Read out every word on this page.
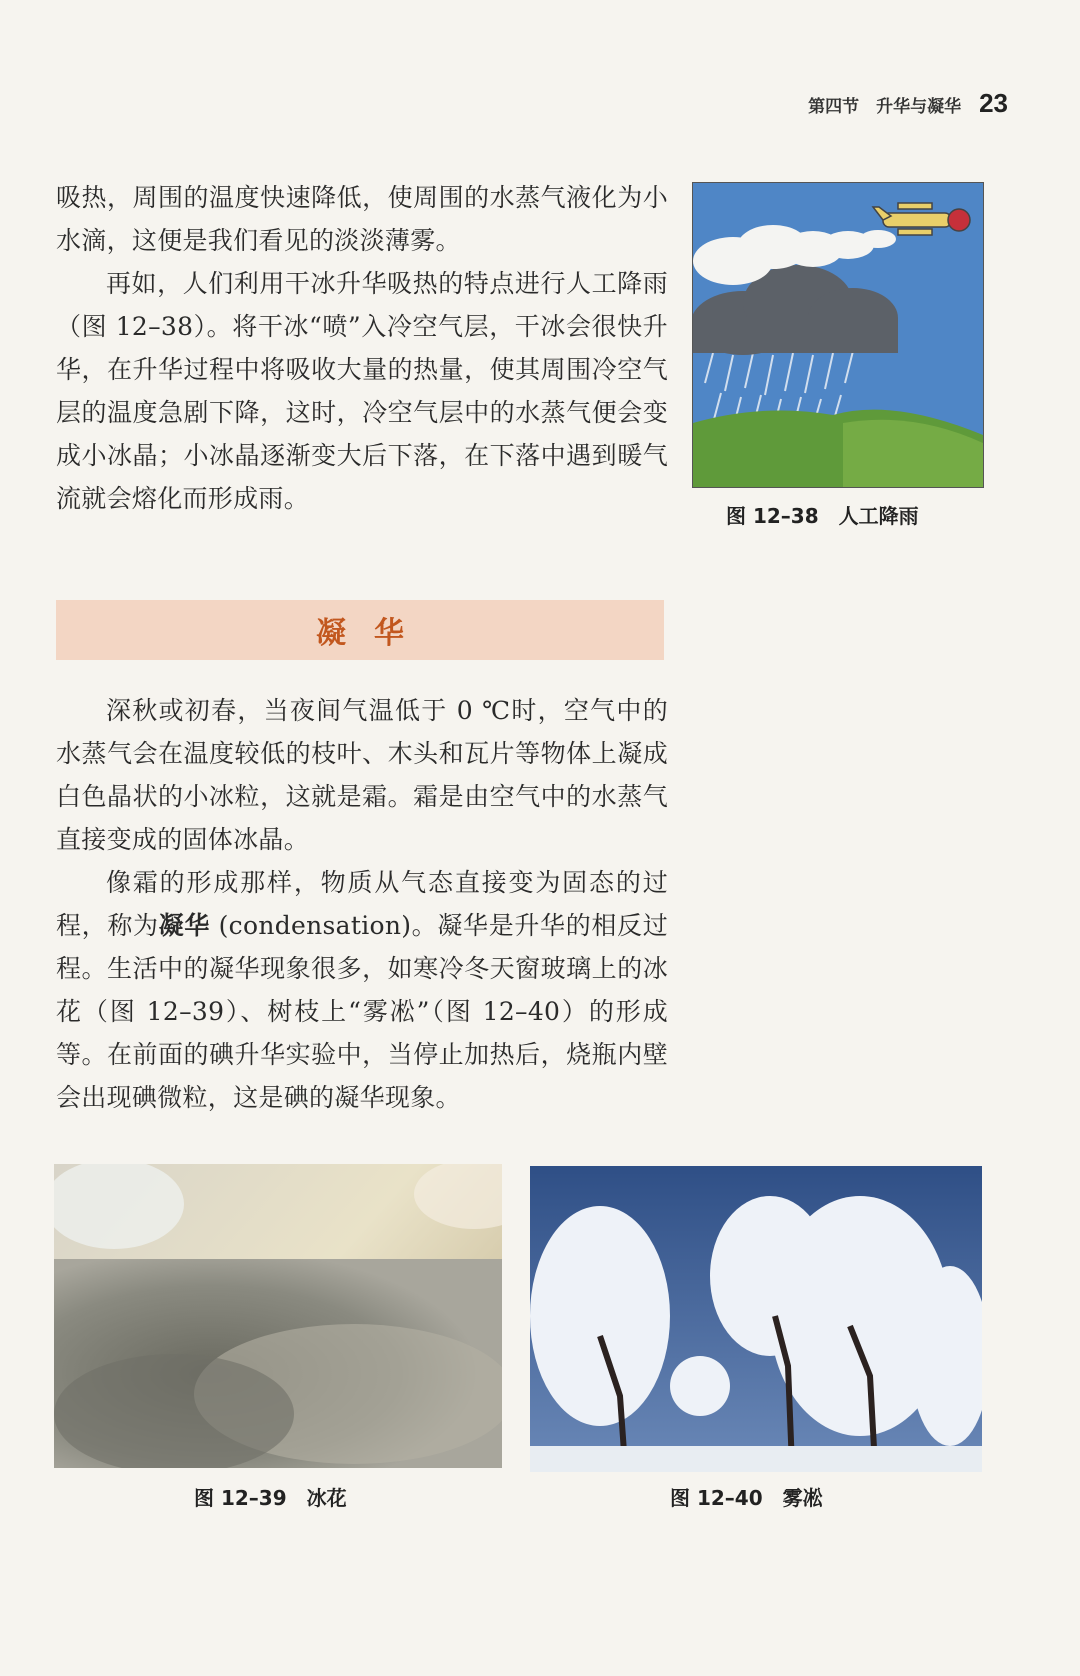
第四节　升华与凝华 23

吸热，周围的温度快速降低，使周围的水蒸气液化为小水滴，这便是我们看见的淡淡薄雾。

再如，人们利用干冰升华吸热的特点进行人工降雨（图 12–38）。将干冰“喷”入冷空气层，干冰会很快升华，在升华过程中将吸收大量的热量，使其周围冷空气层的温度急剧下降，这时，冷空气层中的水蒸气便会变成小冰晶；小冰晶逐渐变大后下落，在下落中遇到暖气流就会熔化而形成雨。

图 12–38　人工降雨
凝华

深秋或初春，当夜间气温低于 0 ℃时，空气中的水蒸气会在温度较低的枝叶、木头和瓦片等物体上凝成白色晶状的小冰粒，这就是霜。霜是由空气中的水蒸气直接变成的固体冰晶。

像霜的形成那样，物质从气态直接变为固态的过程，称为凝华 (condensation)。凝华是升华的相反过程。生活中的凝华现象很多，如寒冷冬天窗玻璃上的冰花（图 12–39）、树枝上“雾凇”（图 12–40）的形成等。在前面的碘升华实验中，当停止加热后，烧瓶内壁会出现碘微粒，这是碘的凝华现象。

图 12–39　冰花	图 12–40　雾凇
